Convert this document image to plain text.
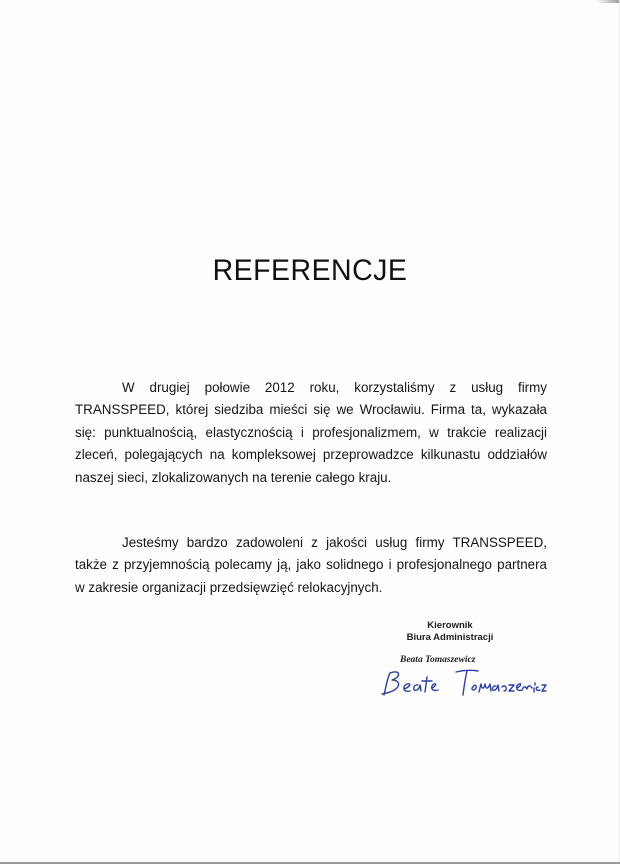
REFERENCJE

W drugiej połowie 2012 roku, korzystaliśmy z usług firmy TRANSSPEED, której siedziba mieści się we Wrocławiu. Firma ta, wykazała się: punktualnością, elastycznością i profesjonalizmem, w trakcie realizacji zleceń, polegających na kompleksowej przeprowadzce kilkunastu oddziałów naszej sieci, zlokalizowanych na terenie całego kraju.

Jesteśmy bardzo zadowoleni z jakości usług firmy TRANSSPEED, także z przyjemnością polecamy ją, jako solidnego i profesjonalnego partnera w zakresie organizacji przedsięwzięć relokacyjnych.

Kierownik
Biura Administracji
Beata Tomaszewicz
